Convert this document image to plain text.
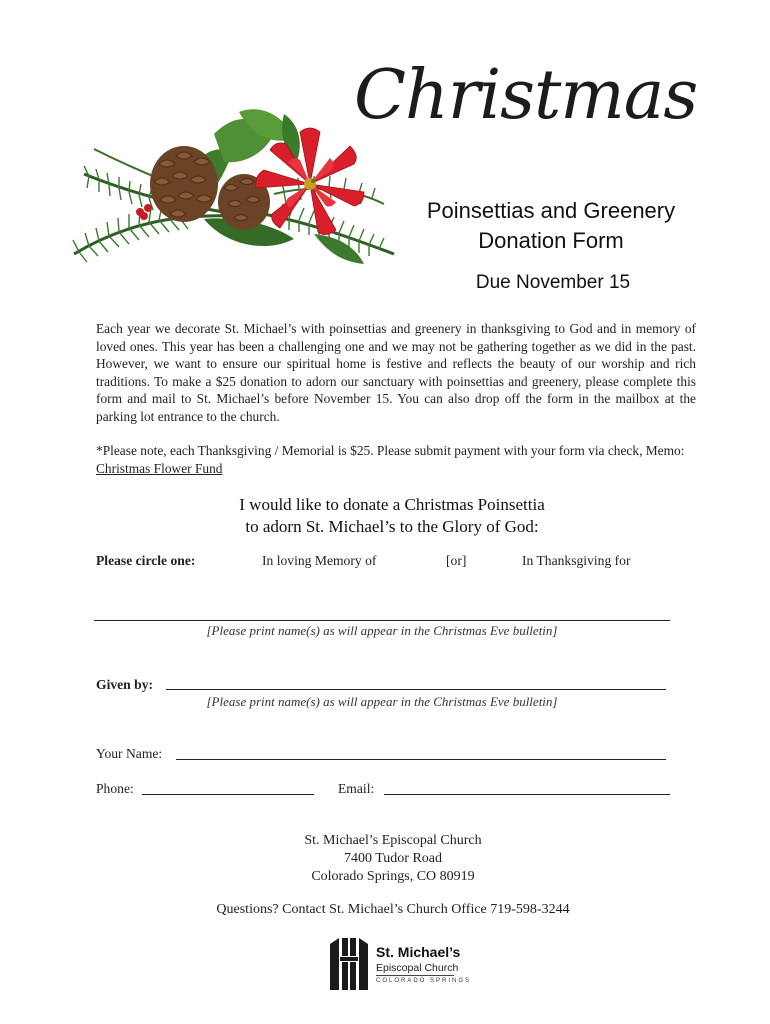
Christmas
Poinsettias and Greenery
Donation Form
Due November 15
Each year we decorate St. Michael’s with poinsettias and greenery in thanksgiving to God and in memory of loved ones. This year has been a challenging one and we may not be gathering together as we did in the past. However, we want to ensure our spiritual home is festive and reflects the beauty of our worship and rich traditions. To make a $25 donation to adorn our sanctuary with poinsettias and greenery, please complete this form and mail to St. Michael’s before November 15. You can also drop off the form in the mailbox at the parking lot entrance to the church.
*Please note, each Thanksgiving / Memorial is $25. Please submit payment with your form via check, Memo: Christmas Flower Fund
I would like to donate a Christmas Poinsettia
to adorn St. Michael’s to the Glory of God:
Please circle one:	In loving Memory of	[or]	In Thanksgiving for
[Please print name(s) as will appear in the Christmas Eve bulletin]
Given by:
[Please print name(s) as will appear in the Christmas Eve bulletin]
Your Name:
Phone:	Email:
St. Michael’s Episcopal Church
7400 Tudor Road
Colorado Springs, CO 80919
Questions? Contact St. Michael’s Church Office 719-598-3244
St. Michael’s
Episcopal Church
COLORADO SPRINGS
